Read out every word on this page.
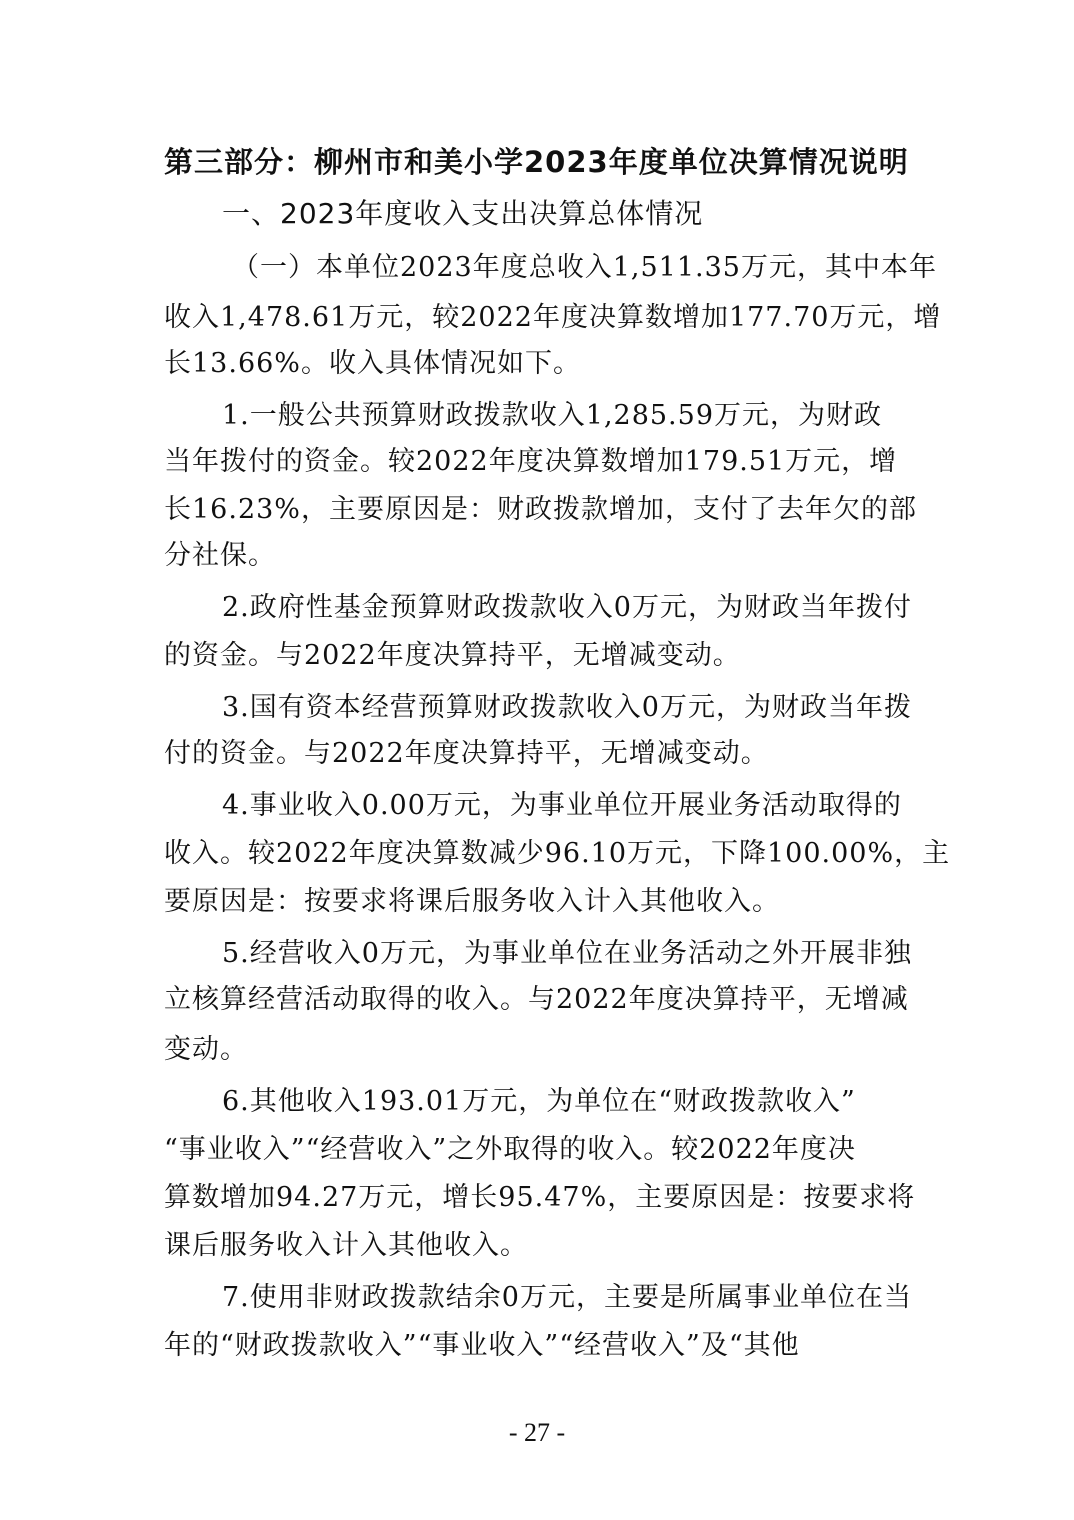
第三部分：柳州市和美小学2023年度单位决算情况说明
一、2023年度收入支出决算总体情况
（一）本单位2023年度总收入1,511.35万元，其中本年
收入1,478.61万元，较2022年度决算数增加177.70万元，增
长13.66%。收入具体情况如下。
1.一般公共预算财政拨款收入1,285.59万元，为财政
当年拨付的资金。较2022年度决算数增加179.51万元，增
长16.23%，主要原因是：财政拨款增加，支付了去年欠的部
分社保。
2.政府性基金预算财政拨款收入0万元，为财政当年拨付
的资金。与2022年度决算持平，无增减变动。
3.国有资本经营预算财政拨款收入0万元，为财政当年拨
付的资金。与2022年度决算持平，无增减变动。
4.事业收入0.00万元，为事业单位开展业务活动取得的
收入。较2022年度决算数减少96.10万元，下降100.00%，主
要原因是：按要求将课后服务收入计入其他收入。
5.经营收入0万元，为事业单位在业务活动之外开展非独
立核算经营活动取得的收入。与2022年度决算持平，无增减
变动。
6.其他收入193.01万元，为单位在“财政拨款收入”
“事业收入”“经营收入”之外取得的收入。较2022年度决
算数增加94.27万元，增长95.47%，主要原因是：按要求将
课后服务收入计入其他收入。
7.使用非财政拨款结余0万元，主要是所属事业单位在当
年的“财政拨款收入”“事业收入”“经营收入”及“其他
- 27 -
